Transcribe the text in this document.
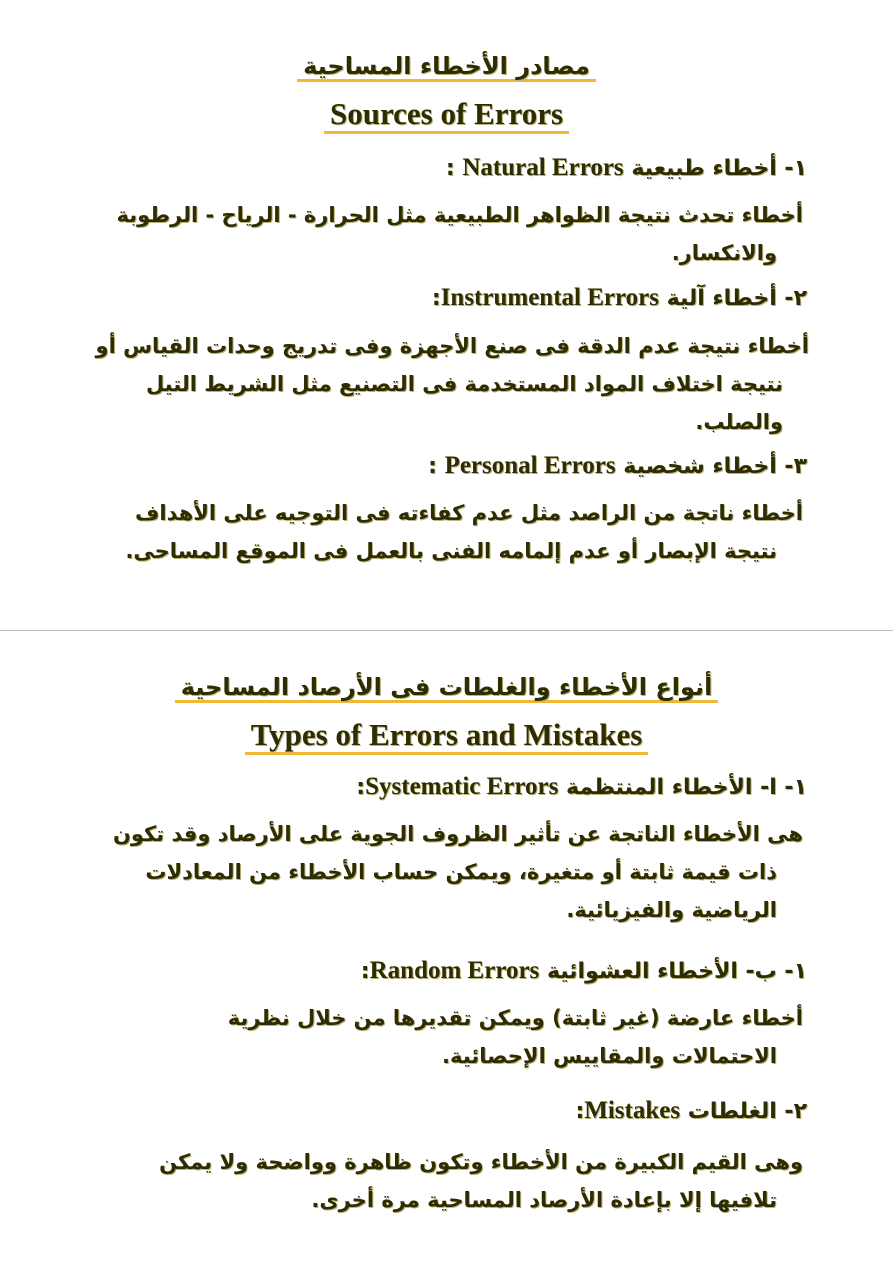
مصادر الأخطاء المساحية
Sources of Errors
١- أخطاء طبيعية Natural Errors :
أخطاء تحدث نتيجة الظواهر الطبيعية مثل الحرارة - الرياح - الرطوبة
والانكسار.
٢- أخطاء آلية Instrumental Errors:
أخطاء نتيجة عدم الدقة فى صنع الأجهزة وفى تدريج وحدات القياس أو
نتيجة اختلاف المواد المستخدمة فى التصنيع مثل الشريط التيل
والصلب.
٣- أخطاء شخصية Personal Errors :
أخطاء ناتجة من الراصد مثل عدم كفاءته فى التوجيه على الأهداف
نتيجة الإبصار أو عدم إلمامه الفنى بالعمل فى الموقع المساحى.
أنواع الأخطاء والغلطات فى الأرصاد المساحية
Types of Errors and Mistakes
١- ا- الأخطاء المنتظمة Systematic Errors:
هى الأخطاء الناتجة عن تأثير الظروف الجوية على الأرصاد وقد تكون
ذات قيمة ثابتة أو متغيرة، ويمكن حساب الأخطاء من المعادلات
الرياضية والفيزيائية.
١- ب- الأخطاء العشوائية Random Errors:
أخطاء عارضة (غير ثابتة) ويمكن تقديرها من خلال نظرية
الاحتمالات والمقاييس الإحصائية.
٢- الغلطات Mistakes:
وهى القيم الكبيرة من الأخطاء وتكون ظاهرة وواضحة ولا يمكن
تلافيها إلا بإعادة الأرصاد المساحية مرة أخرى.
